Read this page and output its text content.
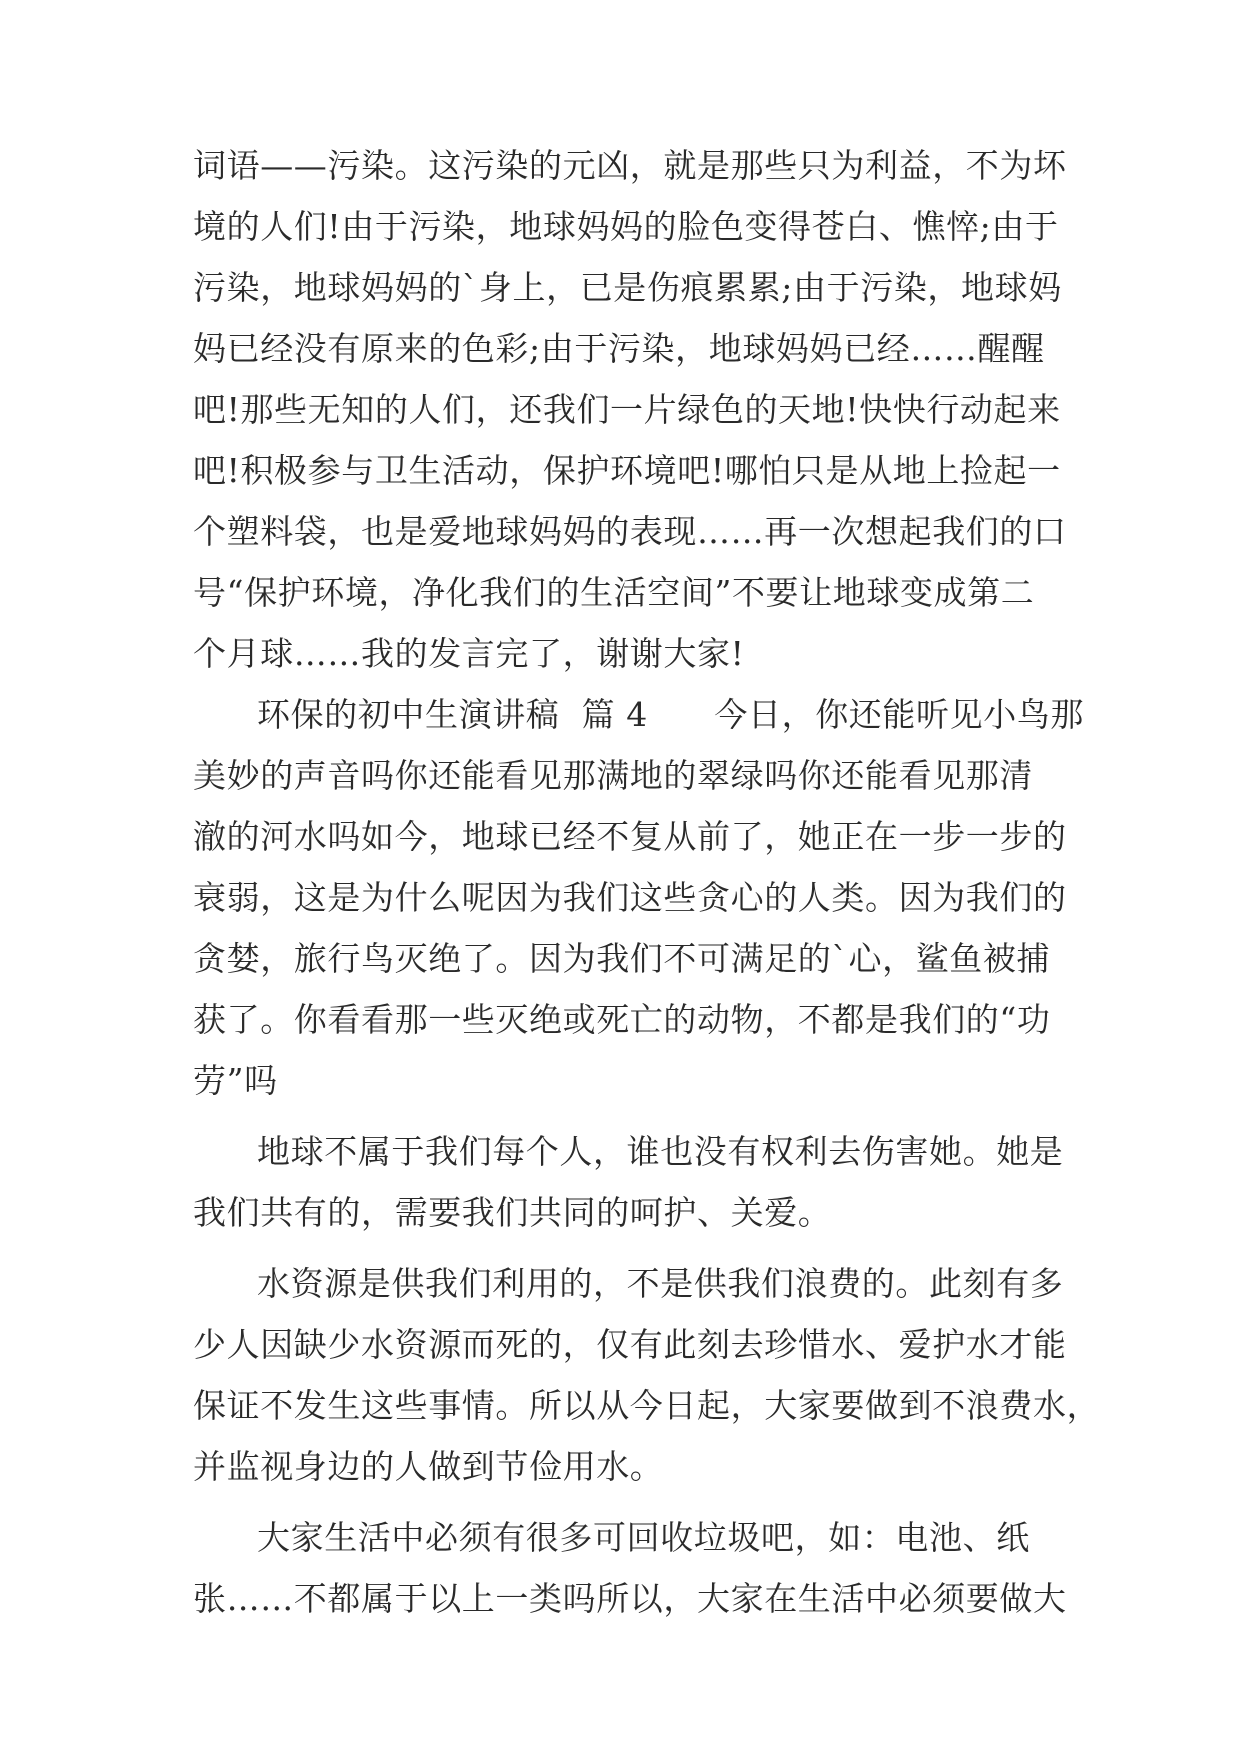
词语——污染。这污染的元凶，就是那些只为利益，不为坏
境的人们!由于污染，地球妈妈的脸色变得苍白、憔悴;由于
污染，地球妈妈的`身上，已是伤痕累累;由于污染，地球妈
妈已经没有原来的色彩;由于污染，地球妈妈已经……醒醒
吧!那些无知的人们，还我们一片绿色的天地!快快行动起来
吧!积极参与卫生活动，保护环境吧!哪怕只是从地上捡起一
个塑料袋，也是爱地球妈妈的表现……再一次想起我们的口
号“保护环境，净化我们的生活空间”不要让地球变成第二
个月球……我的发言完了，谢谢大家!
环保的初中生演讲稿  篇 4      今日，你还能听见小鸟那
美妙的声音吗你还能看见那满地的翠绿吗你还能看见那清
澈的河水吗如今，地球已经不复从前了，她正在一步一步的
衰弱，这是为什么呢因为我们这些贪心的人类。因为我们的
贪婪，旅行鸟灭绝了。因为我们不可满足的`心，鲨鱼被捕
获了。你看看那一些灭绝或死亡的动物，不都是我们的“功
劳”吗
地球不属于我们每个人，谁也没有权利去伤害她。她是
我们共有的，需要我们共同的呵护、关爱。
水资源是供我们利用的，不是供我们浪费的。此刻有多
少人因缺少水资源而死的，仅有此刻去珍惜水、爱护水才能
保证不发生这些事情。所以从今日起，大家要做到不浪费水，
并监视身边的人做到节俭用水。
大家生活中必须有很多可回收垃圾吧，如：电池、纸
张……不都属于以上一类吗所以，大家在生活中必须要做大
